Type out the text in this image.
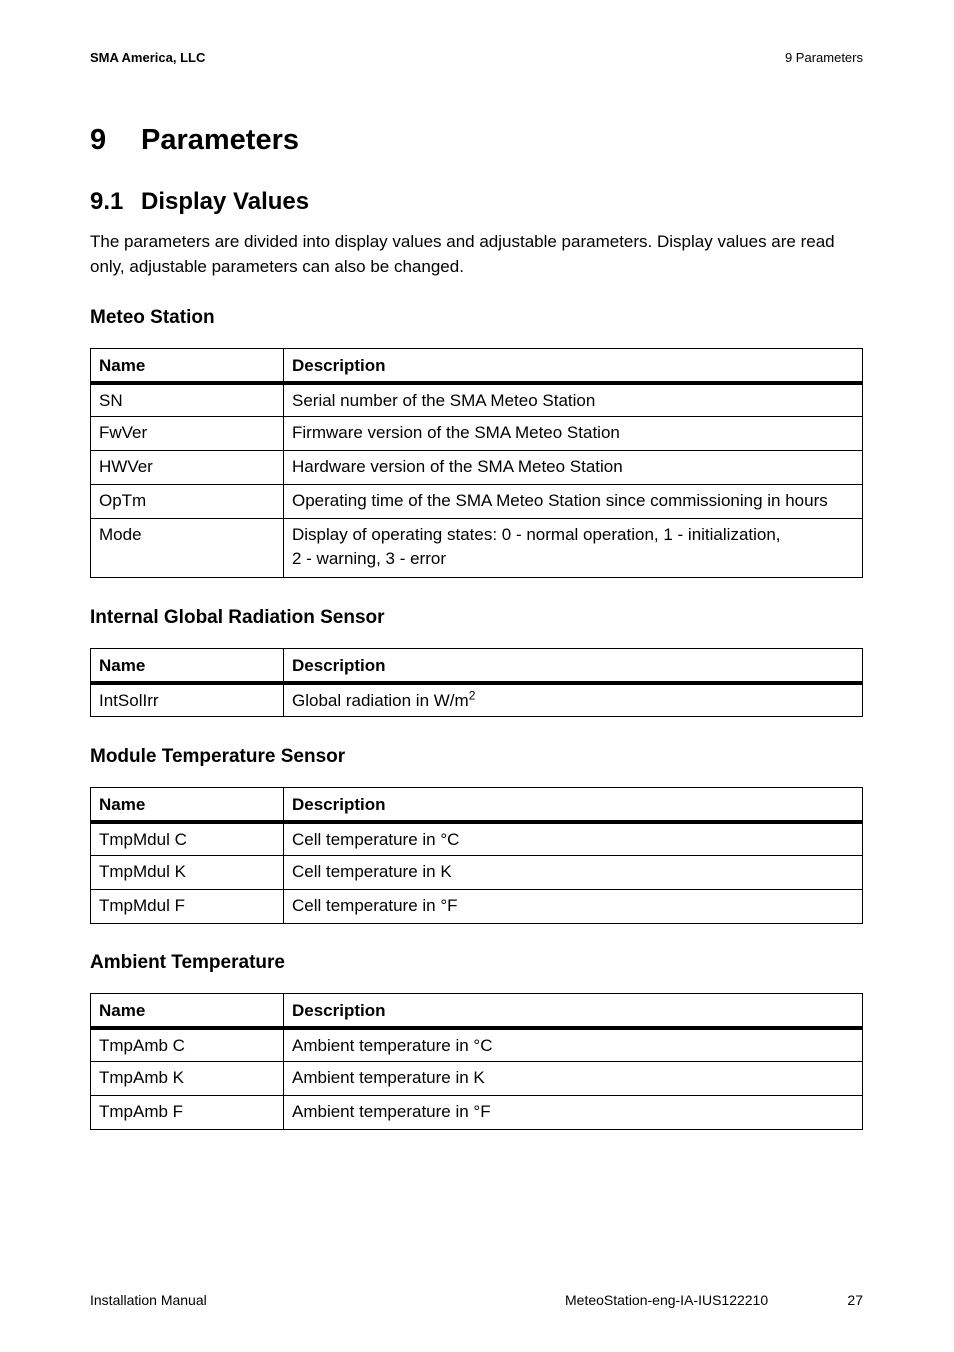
SMA America, LLC	9 Parameters
9 Parameters
9.1 Display Values

The parameters are divided into display values and adjustable parameters. Display values are read only, adjustable parameters can also be changed.

Meteo Station
Name	Description
SN	Serial number of the SMA Meteo Station
FwVer	Firmware version of the SMA Meteo Station
HWVer	Hardware version of the SMA Meteo Station
OpTm	Operating time of the SMA Meteo Station since commissioning in hours
Mode	Display of operating states: 0 - normal operation, 1 - initialization,
2 - warning, 3 - error
Internal Global Radiation Sensor
Name	Description
IntSolIrr	Global radiation in $W/m^2$
Module Temperature Sensor
Name	Description
TmpMdul C	Cell temperature in °C
TmpMdul K	Cell temperature in K
TmpMdul F	Cell temperature in °F
Ambient Temperature
Name	Description
TmpAmb C	Ambient temperature in °C
TmpAmb K	Ambient temperature in K
TmpAmb F	Ambient temperature in °F
Installation Manual	MeteoStation-eng-IA-IUS122210	27
